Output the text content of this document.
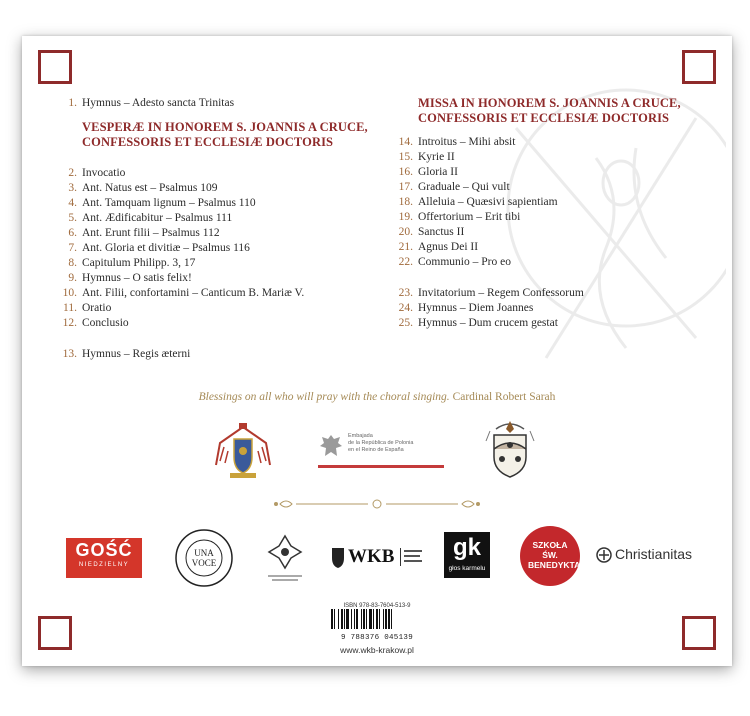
1. Hymnus – Adesto sancta Trinitas
VESPERÆ IN HONOREM S. JOANNIS A CRUCE,
CONFESSORIS ET ECCLESIÆ DOCTORIS
2. Invocatio
3. Ant. Natus est – Psalmus 109
4. Ant. Tamquam lignum – Psalmus 110
5. Ant. Ædificabitur – Psalmus 111
6. Ant. Erunt filii – Psalmus 112
7. Ant. Gloria et divitiæ – Psalmus 116
8. Capitulum Philipp. 3, 17
9. Hymnus – O satis felix!
10. Ant. Filii, confortamini – Canticum B. Mariæ V.
11. Oratio
12. Conclusio
13. Hymnus – Regis æterni
MISSA IN HONOREM S. JOANNIS A CRUCE,
CONFESSORIS ET ECCLESIÆ DOCTORIS
14. Introitus – Mihi absit
15. Kyrie II
16. Gloria II
17. Graduale – Qui vult
18. Alleluia – Quæsivi sapientiam
19. Offertorium – Erit tibi
20. Sanctus II
21. Agnus Dei II
22. Communio – Pro eo
23. Invitatorium – Regem Confessorum
24. Hymnus – Diem Joannes
25. Hymnus – Dum crucem gestat
Blessings on all who will pray with the choral singing. Cardinal Robert Sarah
Embajada
de la República de Polonia
en el Reino de España
GOŚĆ
NIEDZIELNY
UNA
VOCE	WKB	gk
głos karmelu
SZKOŁA ŚW. BENEDYKTA
Christianitas
ISBN 978-83-7604-513-9
9 788376 045139
www.wkb-krakow.pl
